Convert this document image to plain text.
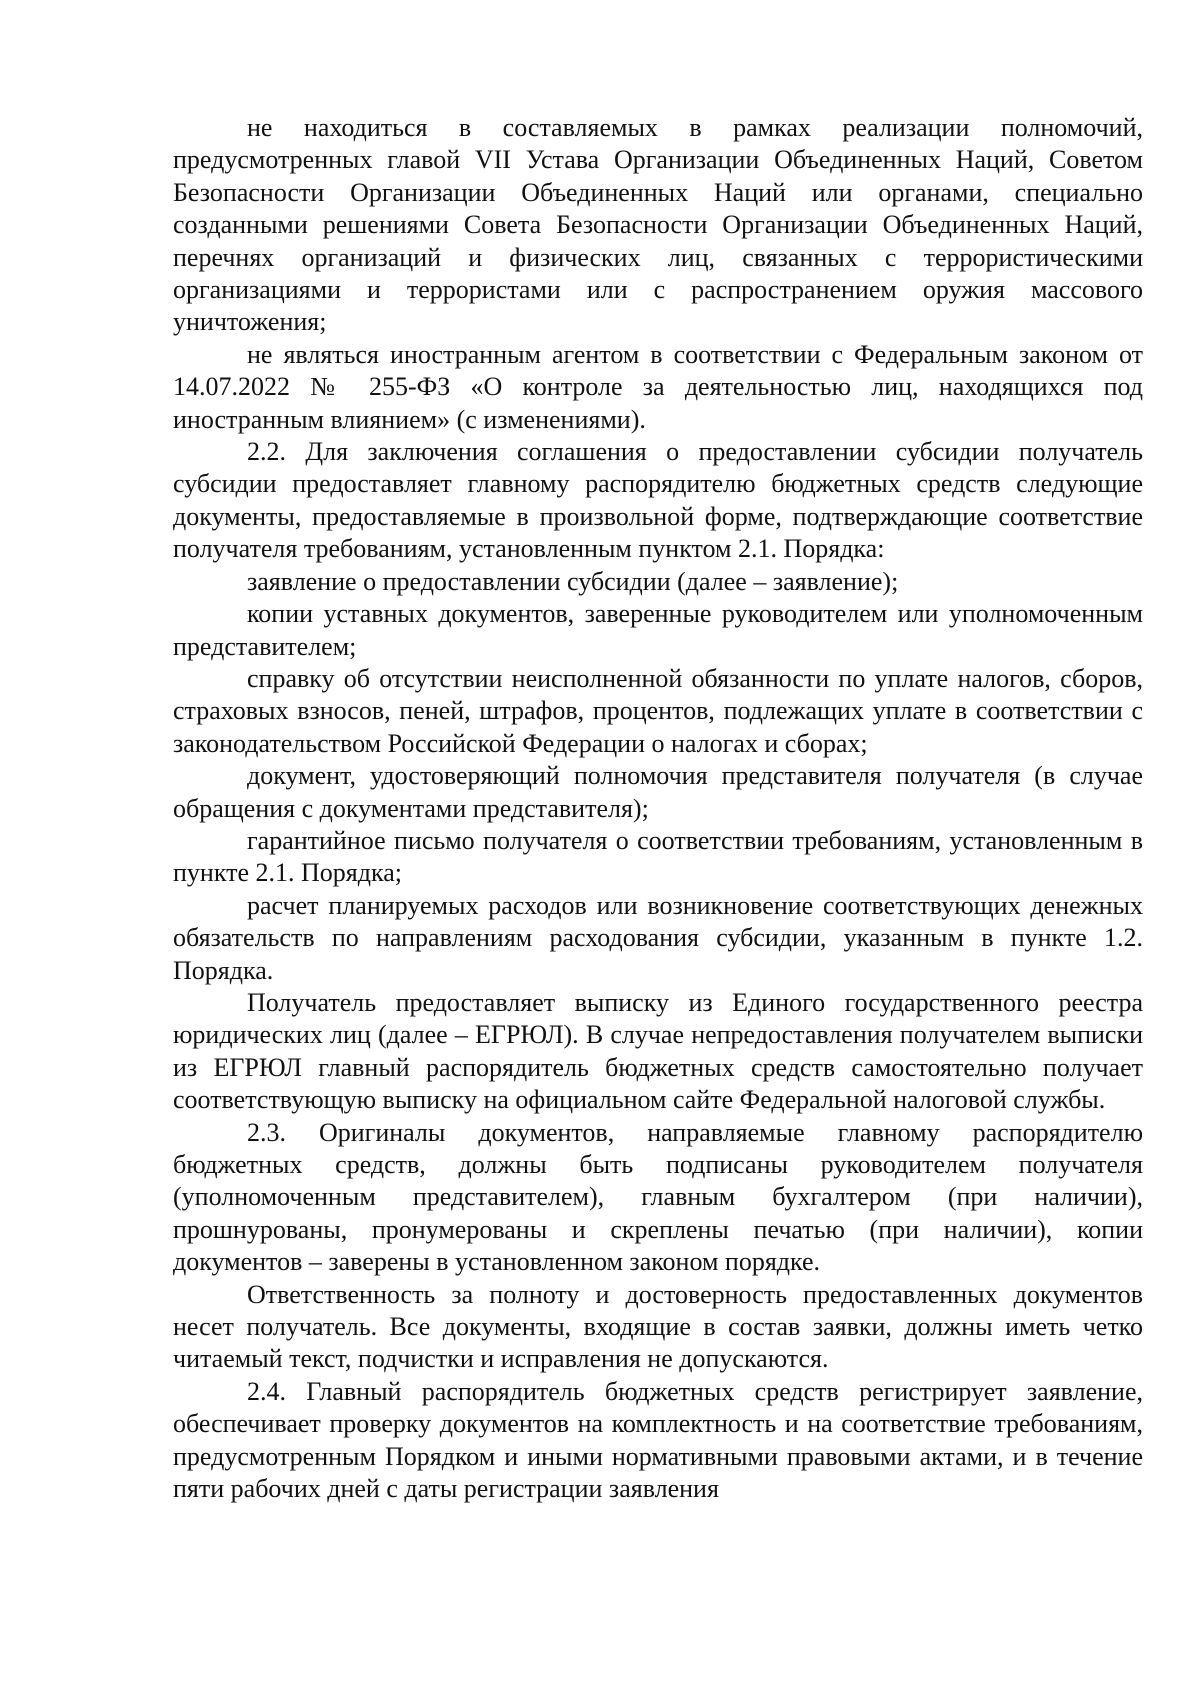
не находиться в составляемых в рамках реализации полномочий, предусмотренных главой VII Устава Организации Объединенных Наций, Советом Безопасности Организации Объединенных Наций или органами, специально созданными решениями Совета Безопасности Организации Объединенных Наций, перечнях организаций и физических лиц, связанных с террористическими организациями и террористами или с распространением оружия массового уничтожения;

не являться иностранным агентом в соответствии с Федеральным законом от 14.07.2022 № 255-ФЗ «О контроле за деятельностью лиц, находящихся под иностранным влиянием» (с изменениями).

2.2. Для заключения соглашения о предоставлении субсидии получатель субсидии предоставляет главному распорядителю бюджетных средств следующие документы, предоставляемые в произвольной форме, подтверждающие соответствие получателя требованиям, установленным пунктом 2.1. Порядка:

заявление о предоставлении субсидии (далее – заявление);

копии уставных документов, заверенные руководителем или уполномоченным представителем;

справку об отсутствии неисполненной обязанности по уплате налогов, сборов, страховых взносов, пеней, штрафов, процентов, подлежащих уплате в соответствии с законодательством Российской Федерации о налогах и сборах;

документ, удостоверяющий полномочия представителя получателя (в случае обращения с документами представителя);

гарантийное письмо получателя о соответствии требованиям, установленным в пункте 2.1. Порядка;

расчет планируемых расходов или возникновение соответствующих денежных обязательств по направлениям расходования субсидии, указанным в пункте 1.2. Порядка.

Получатель предоставляет выписку из Единого государственного реестра юридических лиц (далее – ЕГРЮЛ). В случае непредоставления получателем выписки из ЕГРЮЛ главный распорядитель бюджетных средств самостоятельно получает соответствующую выписку на официальном сайте Федеральной налоговой службы.

2.3. Оригиналы документов, направляемые главному распорядителю бюджетных средств, должны быть подписаны руководителем получателя (уполномоченным представителем), главным бухгалтером (при наличии), прошнурованы, пронумерованы и скреплены печатью (при наличии), копии документов – заверены в установленном законом порядке.

Ответственность за полноту и достоверность предоставленных документов несет получатель. Все документы, входящие в состав заявки, должны иметь четко читаемый текст, подчистки и исправления не допускаются.

2.4. Главный распорядитель бюджетных средств регистрирует заявление, обеспечивает проверку документов на комплектность и на соответствие требованиям, предусмотренным Порядком и иными нормативными правовыми актами, и в течение пяти рабочих дней с даты регистрации заявления
